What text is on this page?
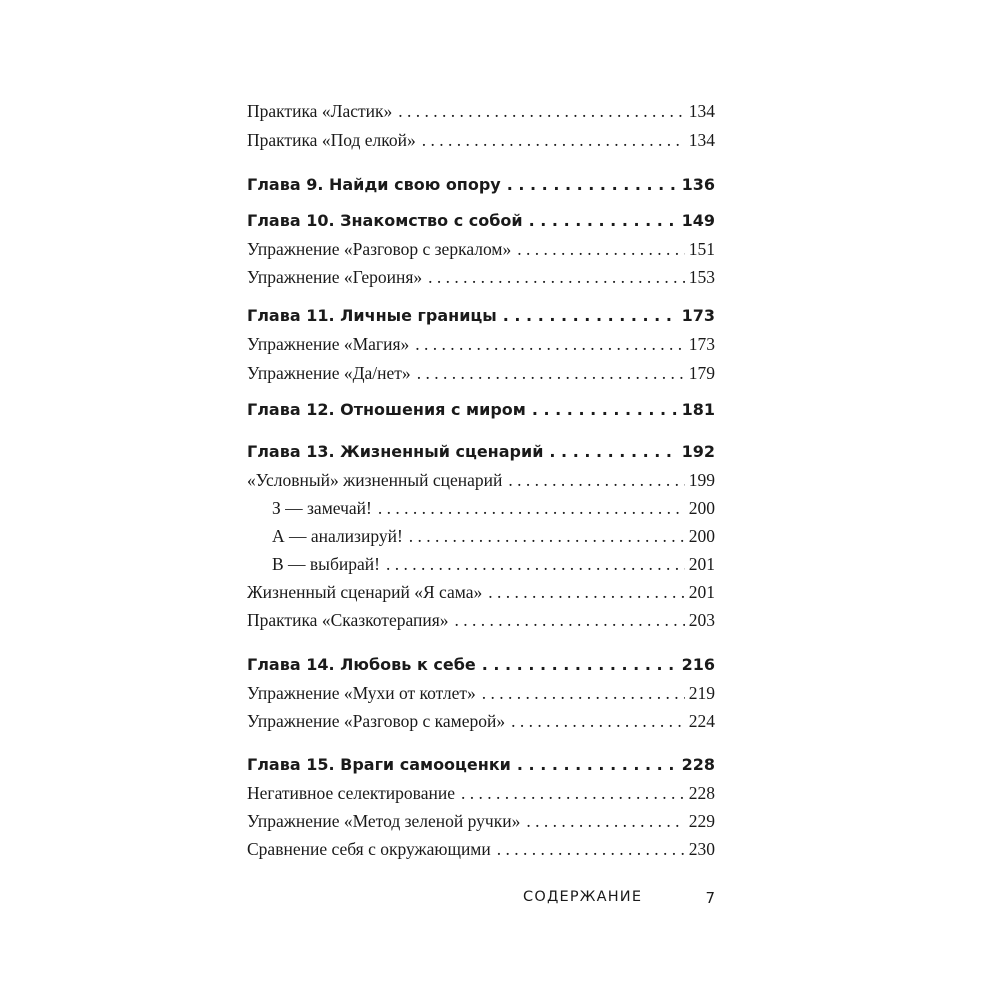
Практика «Ластик» . . .	134
Практика «Под елкой» . . .	134
Глава 9. Найди свою опору . . .	136
Глава 10. Знакомство с собой . . .	149
Упражнение «Разговор с зеркалом» . . .	151
Упражнение «Героиня» . . .	153
Глава 11. Личные границы . . .	173
Упражнение «Магия» . . .	173
Упражнение «Да/нет» . . .	179
Глава 12. Отношения с миром . . .	181
Глава 13. Жизненный сценарий . . .	192
«Условный» жизненный сценарий . . .	199
З — замечай! . . .	200
А — анализируй! . . .	200
В — выбирай! . . .	201
Жизненный сценарий «Я сама» . . .	201
Практика «Сказкотерапия» . . .	203
Глава 14. Любовь к себе . . .	216
Упражнение «Мухи от котлет» . . .	219
Упражнение «Разговор с камерой» . . .	224
Глава 15. Враги самооценки . . .	228
Негативное селектирование . . .	228
Упражнение «Метод зеленой ручки» . . .	229
Сравнение себя с окружающими . . .	230
СОДЕРЖАНИЕ	7
